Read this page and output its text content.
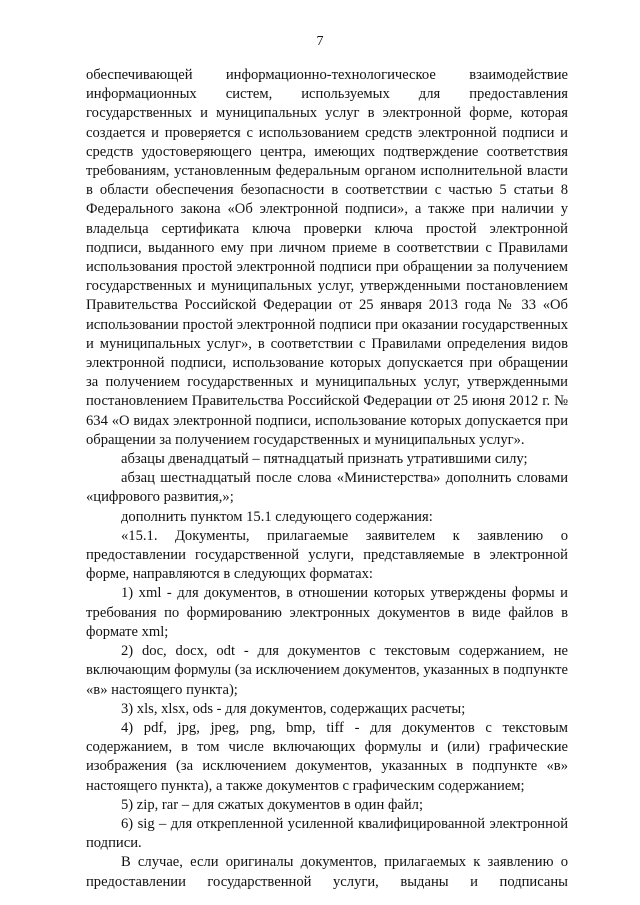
7

обеспечивающей информационно-технологическое взаимодействие информационных систем, используемых для предоставления государственных и муниципальных услуг в электронной форме, которая создается и проверяется с использованием средств электронной подписи и средств удостоверяющего центра, имеющих подтверждение соответствия требованиям, установленным федеральным органом исполнительной власти в области обеспечения безопасности в соответствии с частью 5 статьи 8 Федерального закона «Об электронной подписи», а также при наличии у владельца сертификата ключа проверки ключа простой электронной подписи, выданного ему при личном приеме в соответствии с Правилами использования простой электронной подписи при обращении за получением государственных и муниципальных услуг, утвержденными постановлением Правительства Российской Федерации от 25 января 2013 года № 33 «Об использовании простой электронной подписи при оказании государственных и муниципальных услуг», в соответствии с Правилами определения видов электронной подписи, использование которых допускается при обращении за получением государственных и муниципальных услуг, утвержденными постановлением Правительства Российской Федерации от 25 июня 2012 г. № 634 «О видах электронной подписи, использование которых допускается при обращении за получением государственных и муниципальных услуг».

абзацы двенадцатый – пятнадцатый признать утратившими силу;

абзац шестнадцатый после слова «Министерства» дополнить словами «цифрового развития,»;

дополнить пунктом 15.1 следующего содержания:

«15.1. Документы, прилагаемые заявителем к заявлению о предоставлении государственной услуги, представляемые в электронной форме, направляются в следующих форматах:

1) xml - для документов, в отношении которых утверждены формы и требования по формированию электронных документов в виде файлов в формате xml;

2) doc, docx, odt - для документов с текстовым содержанием, не включающим формулы (за исключением документов, указанных в подпункте «в» настоящего пункта);

3) xls, xlsx, ods - для документов, содержащих расчеты;

4) pdf, jpg, jpeg, png, bmp, tiff - для документов с текстовым содержанием, в том числе включающих формулы и (или) графические изображения (за исключением документов, указанных в подпункте «в» настоящего пункта), а также документов с графическим содержанием;

5) zip, rar – для сжатых документов в один файл;

6) sig – для открепленной усиленной квалифицированной электронной подписи.

В случае, если оригиналы документов, прилагаемых к заявлению о предоставлении государственной услуги, выданы и подписаны
